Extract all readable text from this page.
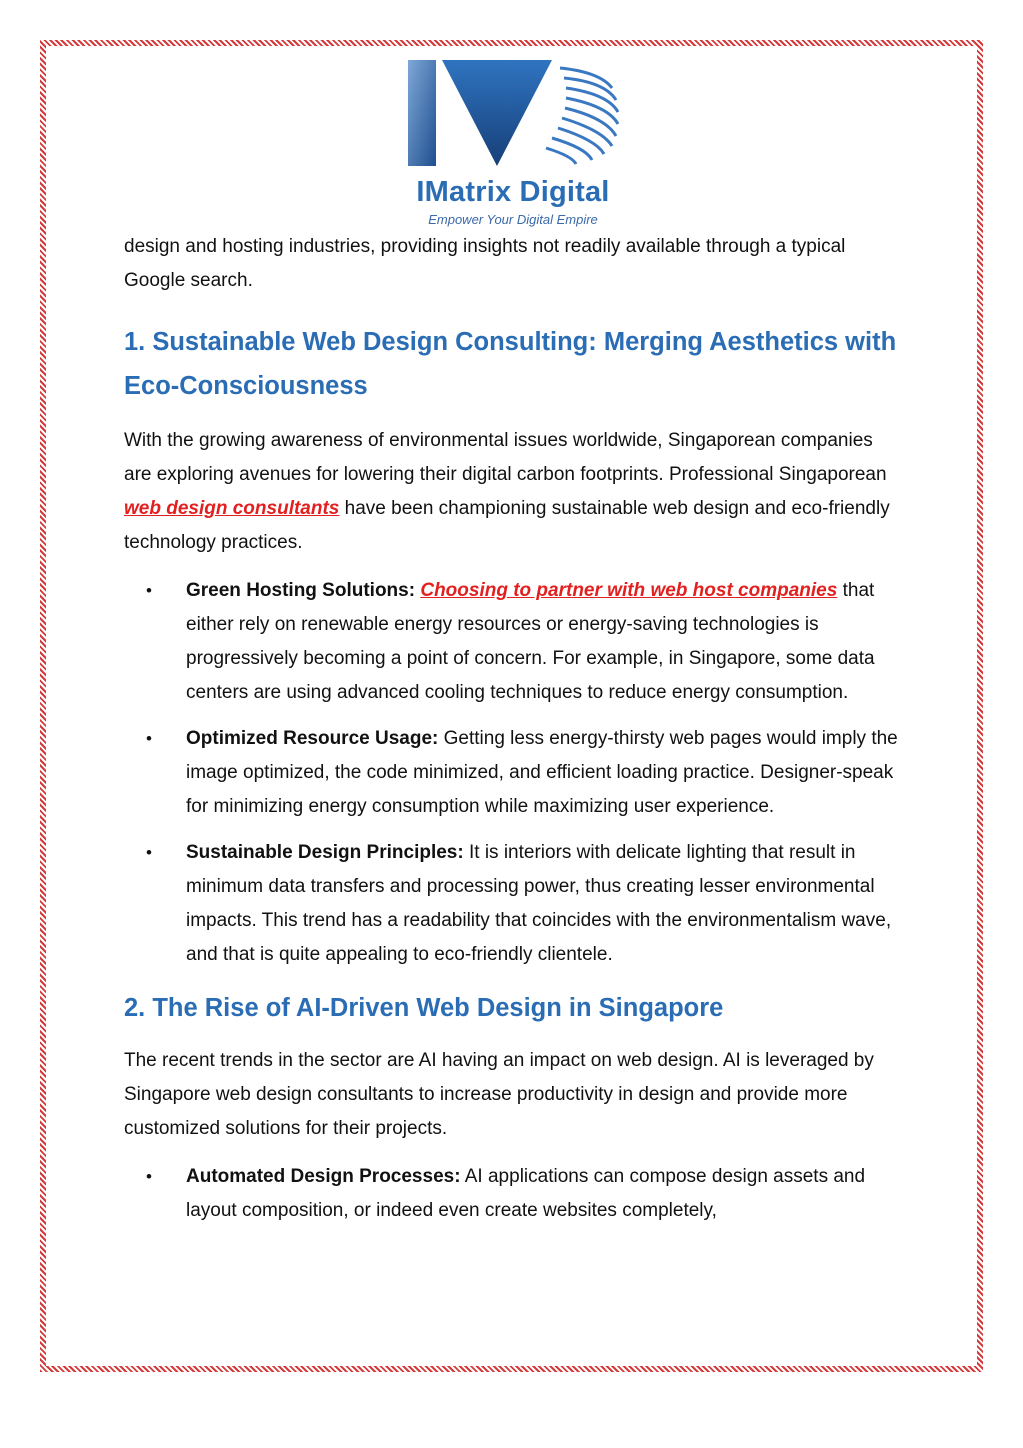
IMatrix Digital
Empower Your Digital Empire

design and hosting industries, providing insights not readily available through a typical Google search.

1. Sustainable Web Design Consulting: Merging Aesthetics with Eco-Consciousness

With the growing awareness of environmental issues worldwide, Singaporean companies are exploring avenues for lowering their digital carbon footprints. Professional Singaporean web design consultants have been championing sustainable web design and eco-friendly technology practices.

• Green Hosting Solutions: Choosing to partner with web host companies that either rely on renewable energy resources or energy-saving technologies is progressively becoming a point of concern. For example, in Singapore, some data centers are using advanced cooling techniques to reduce energy consumption.
• Optimized Resource Usage: Getting less energy-thirsty web pages would imply the image optimized, the code minimized, and efficient loading practice. Designer-speak for minimizing energy consumption while maximizing user experience.
• Sustainable Design Principles: It is interiors with delicate lighting that result in minimum data transfers and processing power, thus creating lesser environmental impacts. This trend has a readability that coincides with the environmentalism wave, and that is quite appealing to eco-friendly clientele.
2. The Rise of AI-Driven Web Design in Singapore

The recent trends in the sector are AI having an impact on web design. AI is leveraged by Singapore web design consultants to increase productivity in design and provide more customized solutions for their projects.

• Automated Design Processes: AI applications can compose design assets and layout composition, or indeed even create websites completely,
